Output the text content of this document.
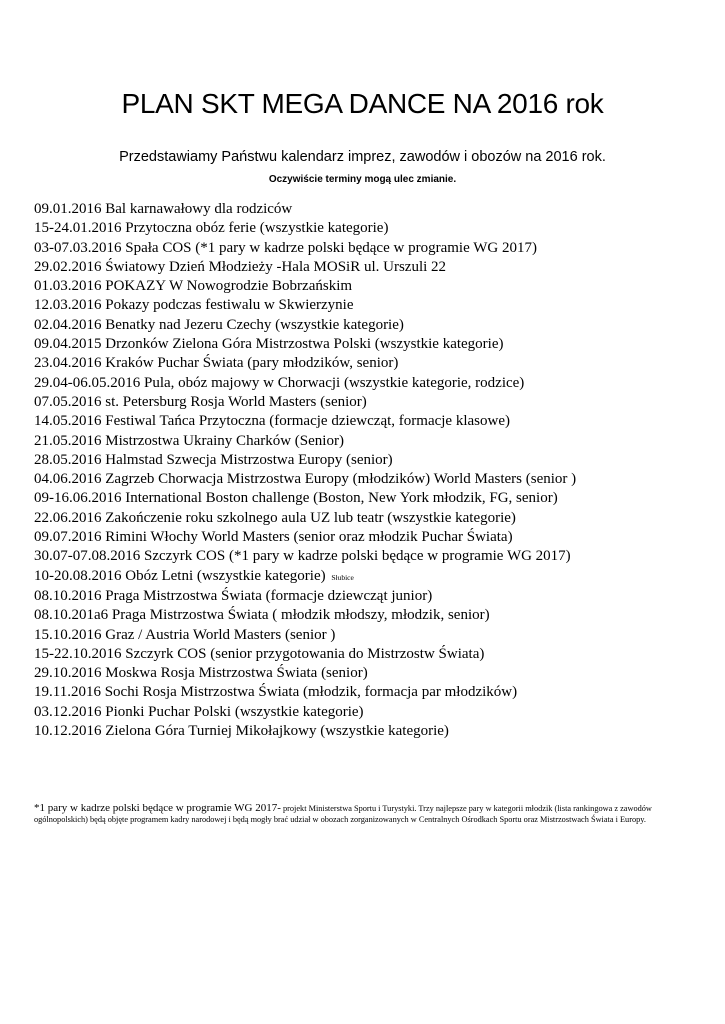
PLAN SKT MEGA DANCE NA 2016 rok
Przedstawiamy Państwu kalendarz imprez, zawodów i obozów na 2016 rok.
Oczywiście terminy mogą ulec zmianie.
09.01.2016 Bal karnawałowy dla rodziców
15-24.01.2016 Przytoczna obóz ferie (wszystkie kategorie)
03-07.03.2016 Spała COS (*1 pary w kadrze polski będące w programie WG 2017)
29.02.2016 Światowy Dzień Młodzieży -Hala MOSiR ul. Urszuli 22
01.03.2016 POKAZY W Nowogrodzie Bobrzańskim
12.03.2016 Pokazy podczas festiwalu w Skwierzynie
02.04.2016 Benatky nad Jezeru Czechy (wszystkie kategorie)
09.04.2015 Drzonków Zielona Góra Mistrzostwa Polski (wszystkie kategorie)
23.04.2016 Kraków Puchar Świata (pary młodzików, senior)
29.04-06.05.2016 Pula, obóz majowy w Chorwacji (wszystkie kategorie, rodzice)
07.05.2016 st. Petersburg Rosja World Masters (senior)
14.05.2016 Festiwal Tańca Przytoczna (formacje dziewcząt, formacje klasowe)
21.05.2016 Mistrzostwa Ukrainy Charków (Senior)
28.05.2016 Halmstad Szwecja Mistrzostwa Europy (senior)
04.06.2016 Zagrzeb Chorwacja Mistrzostwa Europy (młodzików) World Masters (senior )
09-16.06.2016 International Boston challenge (Boston, New York młodzik, FG, senior)
22.06.2016 Zakończenie roku szkolnego aula UZ lub teatr (wszystkie kategorie)
09.07.2016 Rimini Włochy World Masters (senior oraz młodzik Puchar Świata)
30.07-07.08.2016 Szczyrk COS (*1 pary w kadrze polski będące w programie WG 2017)
10-20.08.2016 Obóz Letni (wszystkie kategorie) Słubice
08.10.2016 Praga Mistrzostwa Świata (formacje dziewcząt junior)
08.10.201a6 Praga Mistrzostwa Świata ( młodzik młodszy, młodzik, senior)
15.10.2016 Graz / Austria World Masters (senior )
15-22.10.2016 Szczyrk COS (senior przygotowania do Mistrzostw Świata)
29.10.2016 Moskwa Rosja Mistrzostwa Świata (senior)
19.11.2016 Sochi Rosja Mistrzostwa Świata (młodzik, formacja par młodzików)
03.12.2016 Pionki Puchar Polski (wszystkie kategorie)
10.12.2016 Zielona Góra Turniej Mikołajkowy (wszystkie kategorie)
*1 pary w kadrze polski będące w programie WG 2017- projekt Ministerstwa Sportu i Turystyki. Trzy najlepsze pary w kategorii młodzik (lista rankingowa z zawodów ogólnopolskich) będą objęte programem kadry narodowej i będą mogły brać udział w obozach zorganizowanych w Centralnych Ośrodkach Sportu oraz Mistrzostwach Świata i Europy.
